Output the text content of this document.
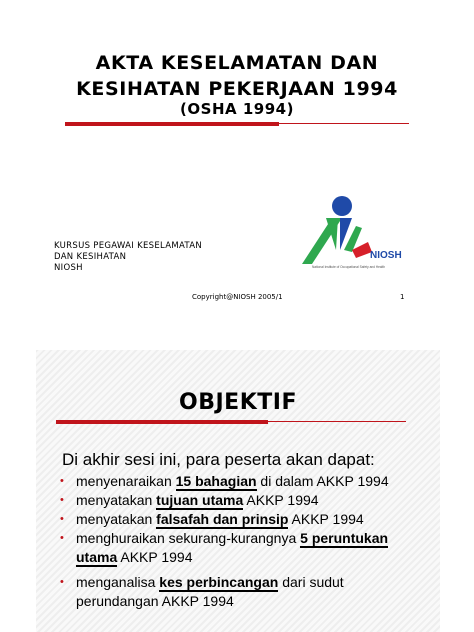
AKTA KESELAMATAN DAN
KESIHATAN PEKERJAAN 1994
(OSHA 1994)
KURSUS PEGAWAI KESELAMATAN
DAN KESIHATAN
NIOSH
NIOSH
National Institute of Occupational Safety and Health
Copyright@NIOSH 2005/1	1
OBJEKTIF
Di akhir sesi ini, para peserta akan dapat:
• menyenaraikan 15 bahagian di dalam AKKP 1994
• menyatakan tujuan utama AKKP 1994
• menyatakan falsafah dan prinsip AKKP 1994
• menghuraikan sekurang-kurangnya 5 peruntukan
utama AKKP 1994
• menganalisa kes perbincangan dari sudut
perundangan AKKP 1994
